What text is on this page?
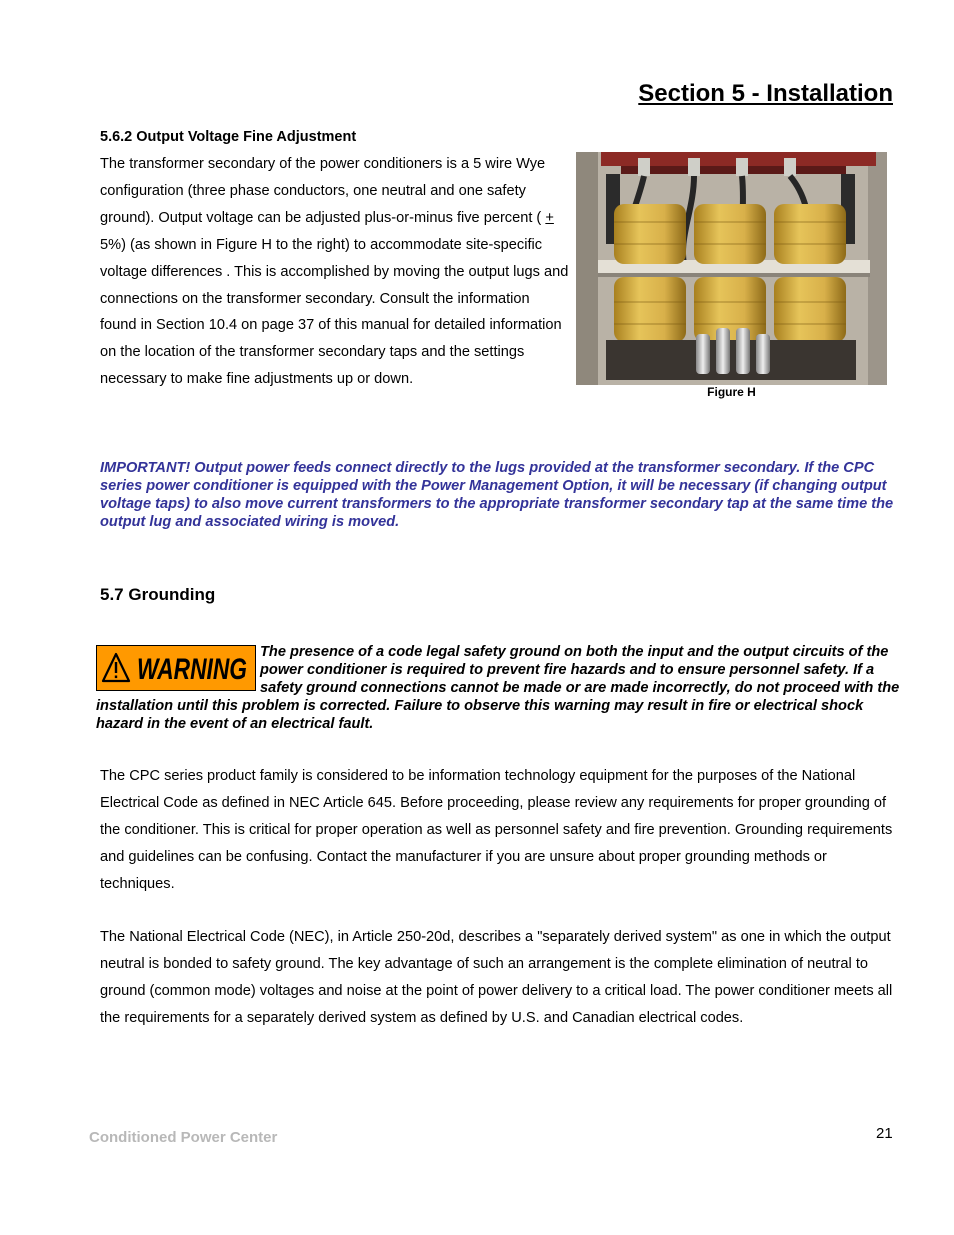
Section 5 - Installation
5.6.2 Output Voltage Fine Adjustment
The transformer secondary of the power conditioners is a 5 wire Wye configuration (three phase conductors, one neutral and one safety ground). Output voltage can be adjusted plus-or-minus five percent ( + 5%) (as shown in Figure H to the right) to accommodate site-specific voltage differences . This is accomplished by moving the output lugs and connections on the transformer secondary. Consult the information found in Section 10.4 on page 37 of this manual for detailed information on the location of the transformer secondary taps and the settings necessary to make fine adjustments up or down.
Figure H
IMPORTANT! Output power feeds connect directly to the lugs provided at the transformer secondary. If the CPC series power conditioner is equipped with the Power Management Option, it will be necessary (if changing output voltage taps) to also move current transformers to the appropriate transformer secondary tap at the same time the output lug and associated wiring is moved.
5.7 Grounding
WARNING
The presence of a code legal safety ground on both the input and the output circuits of the power conditioner is required to prevent fire hazards and to ensure personnel safety. If a safety ground connections cannot be made or are made incorrectly, do not proceed with the installation until this problem is corrected. Failure to observe this warning may result in fire or electrical shock hazard in the event of an electrical fault.
The CPC series product family is considered to be information technology equipment for the purposes of the National Electrical Code as defined in NEC Article 645. Before proceeding, please review any requirements for proper grounding of the conditioner. This is critical for proper operation as well as personnel safety and fire prevention. Grounding requirements and guidelines can be confusing. Contact the manufacturer if you are unsure about proper grounding methods or techniques.
The National Electrical Code (NEC), in Article 250-20d, describes a "separately derived system" as one in which the output neutral is bonded to safety ground. The key advantage of such an arrangement is the complete elimination of neutral to ground (common mode) voltages and noise at the point of power delivery to a critical load. The power conditioner meets all the requirements for a separately derived system as defined by U.S. and Canadian electrical codes.
Conditioned Power Center	21
